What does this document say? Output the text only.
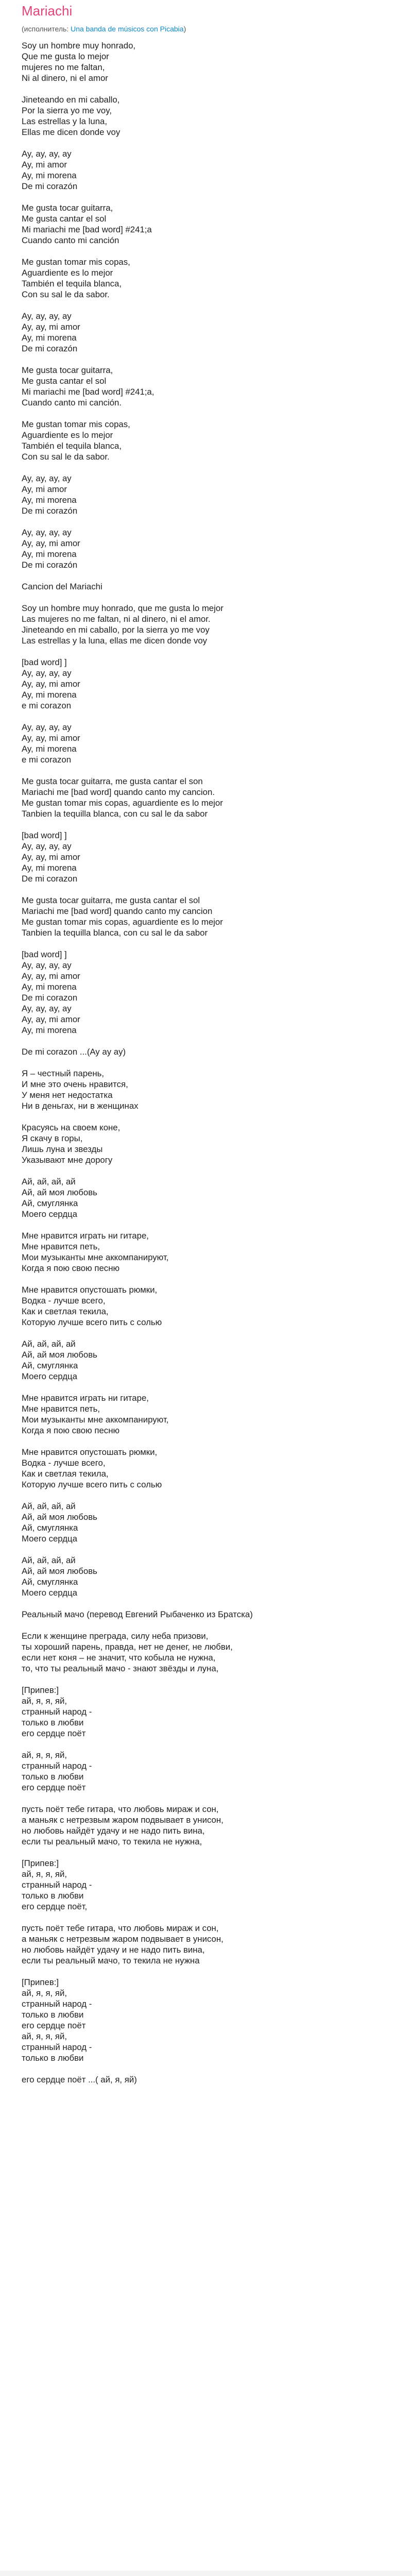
Mariachi
(исполнитель: Una banda de músicos con Picabia)
Soy un hombre muy honrado,
Que me gusta lo mejor
mujeres no me faltan,
Ni al dinero, ni el amor

Jineteando en mi caballo,
Por la sierra yo me voy,
Las estrellas y la luna,
Ellas me dicen donde voy

Ay, ay, ay, ay
Ay, mi amor
Ay, mi morena
De mi corazón

Me gusta tocar guitarra,
Me gusta cantar el sol
Mi mariachi me [bad word] #241;a
Cuando canto mi canción

Me gustan tomar mis copas,
Aguardiente es lo mejor
También el tequila blanca,
Con su sal le da sabor.

Ay, ay, ay, ay
Ay, ay, mi amor
Ay, mi morena
De mi corazón

Me gusta tocar guitarra,
Me gusta cantar el sol
Mi mariachi me [bad word] #241;a,
Cuando canto mi canción.

Me gustan tomar mis copas,
Aguardiente es lo mejor
También el tequila blanca,
Con su sal le da sabor.

Ay, ay, ay, ay
Ay, mi amor
Ay, mi morena
De mi corazón

Ay, ay, ay, ay
Ay, ay, mi amor
Ay, mi morena
De mi corazón

Cancion del Mariachi

Soy un hombre muy honrado, que me gusta lo mejor
Las mujeres no me faltan, ni al dinero, ni el amor.
Jineteando en mi caballo, por la sierra yo me voy
Las estrellas y la luna, ellas me dicen donde voy

[bad word] ]
Ay, ay, ay, ay
Ay, ay, mi amor
Ay, mi morena
e mi corazon

Ay, ay, ay, ay
Ay, ay, mi amor
Ay, mi morena
e mi corazon

Me gusta tocar guitarra, me gusta cantar el son
Mariachi me [bad word] quando canto my cancion.
Me gustan tomar mis copas, aguardiente es lo mejor
Tanbien la tequilla blanca, con cu sal le da sabor

[bad word] ]
Ay, ay, ay, ay
Ay, ay, mi amor
Ay, mi morena
De mi corazon

Me gusta tocar guitarra, me gusta cantar el sol
Mariachi me [bad word] quando canto my cancion
Me gustan tomar mis copas, aguardiente es lo mejor
Tanbien la tequilla blanca, con cu sal le da sabor

[bad word] ]
Ay, ay, ay, ay
Ay, ay, mi amor
Ay, mi morena
De mi corazon
Ay, ay, ay, ay
Ay, ay, mi amor
Ay, mi morena

De mi corazon ...(Ay ay ay)

Я – честный парень,
И мне это очень нравится,
У меня нет недостатка
Ни в деньгах, ни в женщинах

Красуясь на своем коне,
Я скачу в горы,
Лишь луна и звезды
Указывают мне дорогу

Ай, ай, ай, ай
Ай, ай моя любовь
Ай, смуглянка
Моего сердца

Мне нравится играть ни гитаре,
Мне нравится петь,
Мои музыканты мне аккомпанируют,
Когда я пою свою песню

Мне нравится опустошать рюмки,
Водка - лучше всего,
Как и светлая текила,
Которую лучше всего пить с солью

Ай, ай, ай, ай
Ай, ай моя любовь
Ай, смуглянка
Моего сердца

Мне нравится играть ни гитаре,
Мне нравится петь,
Мои музыканты мне аккомпанируют,
Когда я пою свою песню

Мне нравится опустошать рюмки,
Водка - лучше всего,
Как и светлая текила,
Которую лучше всего пить с солью

Ай, ай, ай, ай
Ай, ай моя любовь
Ай, смуглянка
Моего сердца

Ай, ай, ай, ай
Ай, ай моя любовь
Ай, смуглянка
Моего сердца

Реальный мачо (перевод Евгений Рыбаченко из Братска)

Если к женщине преграда, силу неба призови,
ты хороший парень, правда, нет не денег, не любви,
если нет коня – не значит, что кобыла не нужна,
то, что ты реальный мачо - знают звёзды и луна,

[Припев:]
ай, я, я, яй,
странный народ -
только в любви
его сердце поёт

ай, я, я, яй,
странный народ -
только в любви
его сердце поёт

пусть поёт тебе гитара, что любовь мираж и сон,
а маньяк с нетрезвым жаром подвывает в унисон,
но любовь найдёт удачу и не надо пить вина,
если ты реальный мачо, то текила не нужна,

[Припев:]
ай, я, я, яй,
странный народ -
только в любви
его сердце поёт,

пусть поёт тебе гитара, что любовь мираж и сон,
а маньяк с нетрезвым жаром подвывает в унисон,
но любовь найдёт удачу и не надо пить вина,
если ты реальный мачо, то текила не нужна

[Припев:]
ай, я, я, яй,
странный народ -
только в любви
его сердце поёт
ай, я, я, яй,
странный народ -
только в любви

его сердце поёт ...( ай, я, яй)
